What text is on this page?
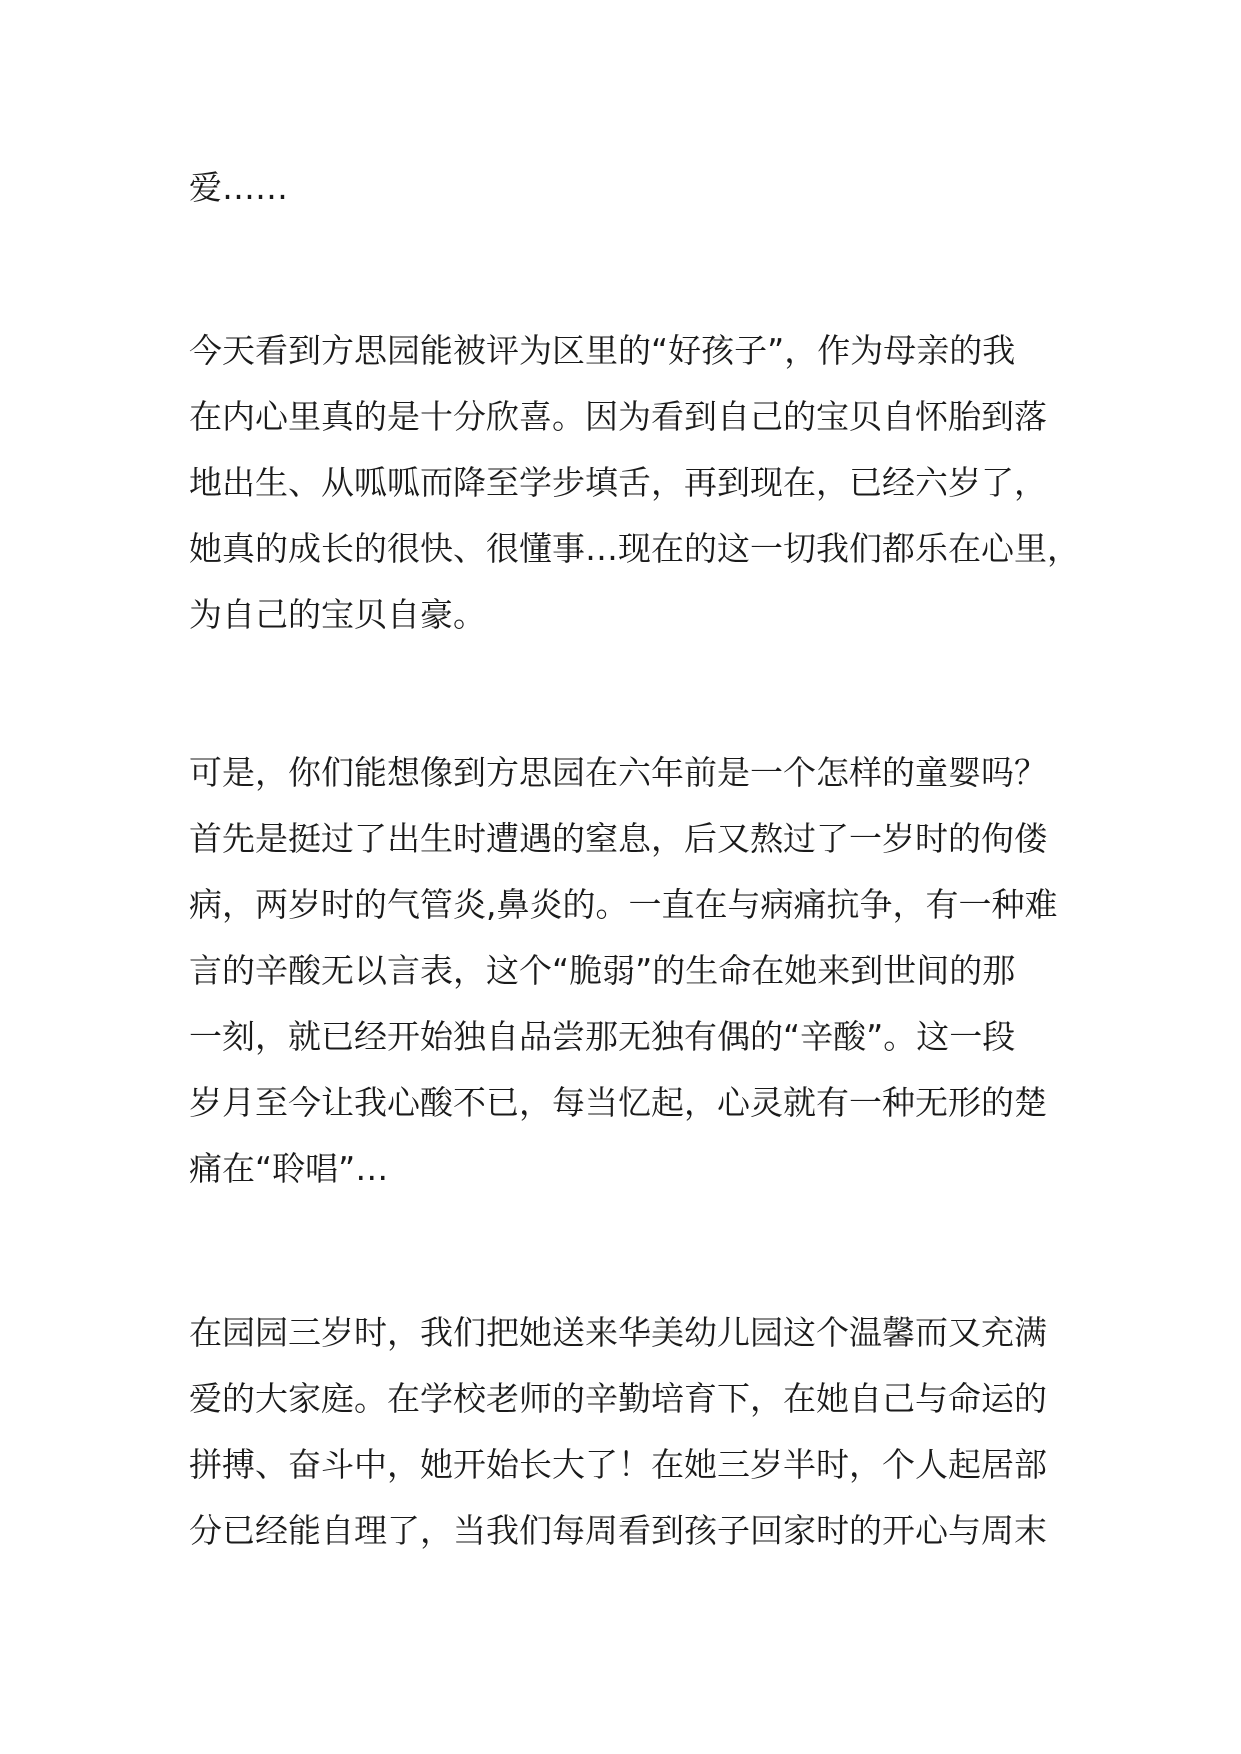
爱……
今天看到方思园能被评为区里的“好孩子”，作为母亲的我
在内心里真的是十分欣喜。因为看到自己的宝贝自怀胎到落
地出生、从呱呱而降至学步填舌，再到现在，已经六岁了，
她真的成长的很快、很懂事…现在的这一切我们都乐在心里，
为自己的宝贝自豪。
可是，你们能想像到方思园在六年前是一个怎样的童婴吗？
首先是挺过了出生时遭遇的窒息，后又熬过了一岁时的佝偻
病，两岁时的气管炎,鼻炎的。一直在与病痛抗争，有一种难
言的辛酸无以言表，这个“脆弱”的生命在她来到世间的那
一刻，就已经开始独自品尝那无独有偶的“辛酸”。这一段
岁月至今让我心酸不已，每当忆起，心灵就有一种无形的楚
痛在“聆唱”…
在园园三岁时，我们把她送来华美幼儿园这个温馨而又充满
爱的大家庭。在学校老师的辛勤培育下，在她自己与命运的
拼搏、奋斗中，她开始长大了！在她三岁半时，个人起居部
分已经能自理了，当我们每周看到孩子回家时的开心与周末
